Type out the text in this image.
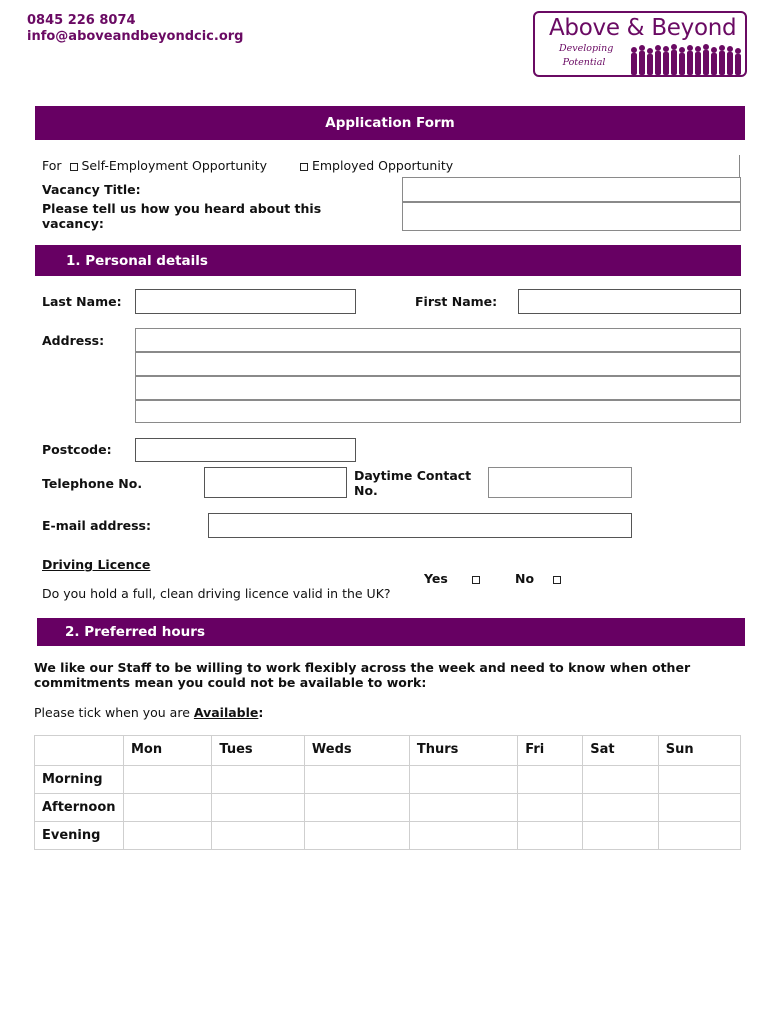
0845 226 8074
info@aboveandbeyondcic.org	Above & Beyond
Developing
Potential
Application Form
For Self-Employment Opportunity	Employed Opportunity
Vacancy Title:
Please tell us how you heard about this
vacancy:
1. Personal details
Last Name:	First Name:
Address:
Postcode:
Telephone No.
Daytime Contact
No.
E-mail address:
Driving Licence
Do you hold a full, clean driving licence valid in the UK?
Yes	No
2. Preferred hours
We like our Staff to be willing to work flexibly across the week and need to know when other
commitments mean you could not be available to work:
Please tick when you are Available:
	Mon	Tues	Weds	Thurs	Fri	Sat	Sun
Morning							
Afternoon							
Evening							
